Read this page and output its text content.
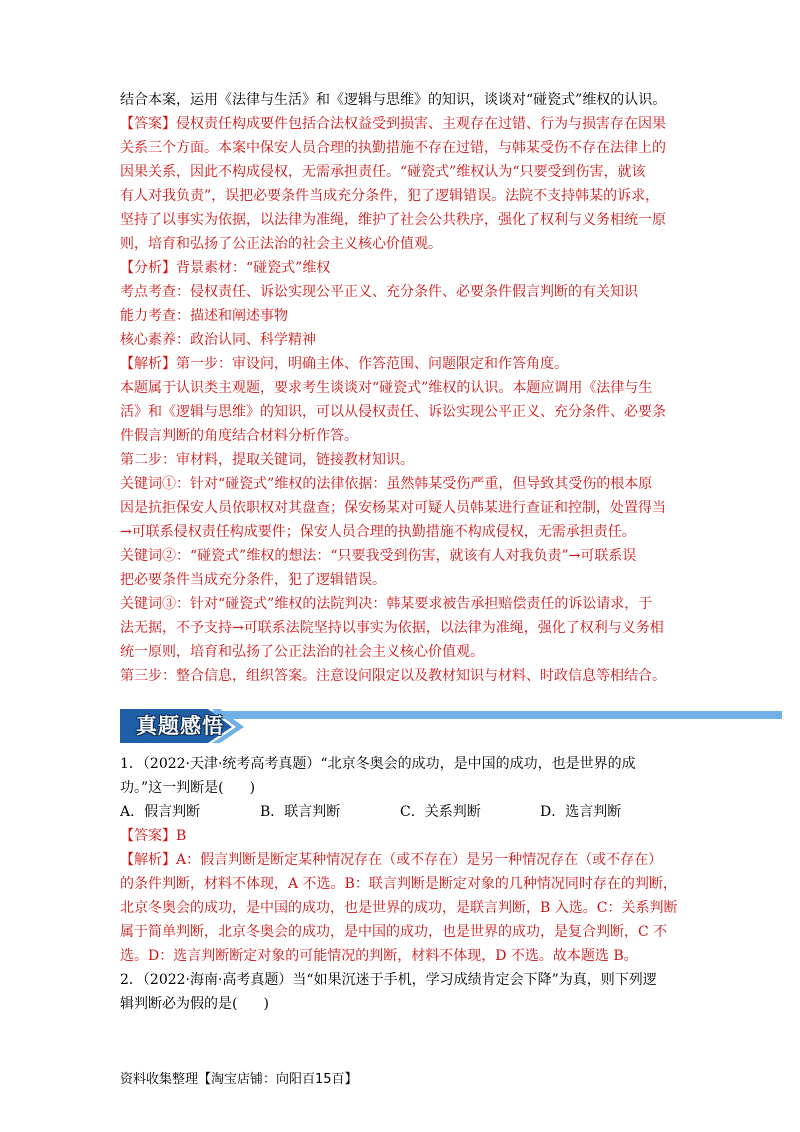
结合本案，运用《法律与生活》和《逻辑与思维》的知识，谈谈对“碰瓷式”维权的认识。

【答案】侵权责任构成要件包括合法权益受到损害、主观存在过错、行为与损害存在因果

关系三个方面。本案中保安人员合理的执勤措施不存在过错，与韩某受伤不存在法律上的

因果关系，因此不构成侵权，无需承担责任。“碰瓷式”维权认为“只要受到伤害，就该

有人对我负责”，误把必要条件当成充分条件，犯了逻辑错误。法院不支持韩某的诉求，

坚持了以事实为依据，以法律为准绳，维护了社会公共秩序，强化了权利与义务相统一原

则，培育和弘扬了公正法治的社会主义核心价值观。

【分析】背景素材：“碰瓷式”维权

考点考查：侵权责任、诉讼实现公平正义、充分条件、必要条件假言判断的有关知识

能力考查：描述和阐述事物

核心素养：政治认同、科学精神

【解析】第一步：审设问，明确主体、作答范围、问题限定和作答角度。

本题属于认识类主观题，要求考生谈谈对“碰瓷式”维权的认识。本题应调用《法律与生

活》和《逻辑与思维》的知识，可以从侵权责任、诉讼实现公平正义、充分条件、必要条

件假言判断的角度结合材料分析作答。

第二步：审材料，提取关键词，链接教材知识。

关键词①：针对“碰瓷式”维权的法律依据：虽然韩某受伤严重，但导致其受伤的根本原

因是抗拒保安人员依职权对其盘查；保安杨某对可疑人员韩某进行查证和控制，处置得当

→可联系侵权责任构成要件；保安人员合理的执勤措施不构成侵权，无需承担责任。

关键词②：“碰瓷式”维权的想法：“只要我受到伤害，就该有人对我负责”→可联系误

把必要条件当成充分条件，犯了逻辑错误。

关键词③：针对“碰瓷式”维权的法院判决：韩某要求被告承担赔偿责任的诉讼请求，于

法无据，不予支持→可联系法院坚持以事实为依据，以法律为准绳，强化了权利与义务相

统一原则，培育和弘扬了公正法治的社会主义核心价值观。

第三步：整合信息，组织答案。注意设问限定以及教材知识与材料、时政信息等相结合。

真题感悟

1．（2022·天津·统考高考真题）“北京冬奥会的成功，是中国的成功，也是世界的成

功。”这一判断是( )

A．假言判断	B．联言判断	C．关系判断	D．选言判断

【答案】B

【解析】A：假言判断是断定某种情况存在（或不存在）是另一种情况存在（或不存在）

的条件判断，材料不体现，A 不选。B：联言判断是断定对象的几种情况同时存在的判断，

北京冬奥会的成功，是中国的成功，也是世界的成功，是联言判断，B 入选。C：关系判断

属于简单判断，北京冬奥会的成功，是中国的成功，也是世界的成功，是复合判断，C 不

选。D：选言判断断定对象的可能情况的判断，材料不体现，D 不选。故本题选 B。

2．（2022·海南·高考真题）当“如果沉迷于手机，学习成绩肯定会下降”为真，则下列逻

辑判断必为假的是( )

资料收集整理【淘宝店铺：向阳百15百】
